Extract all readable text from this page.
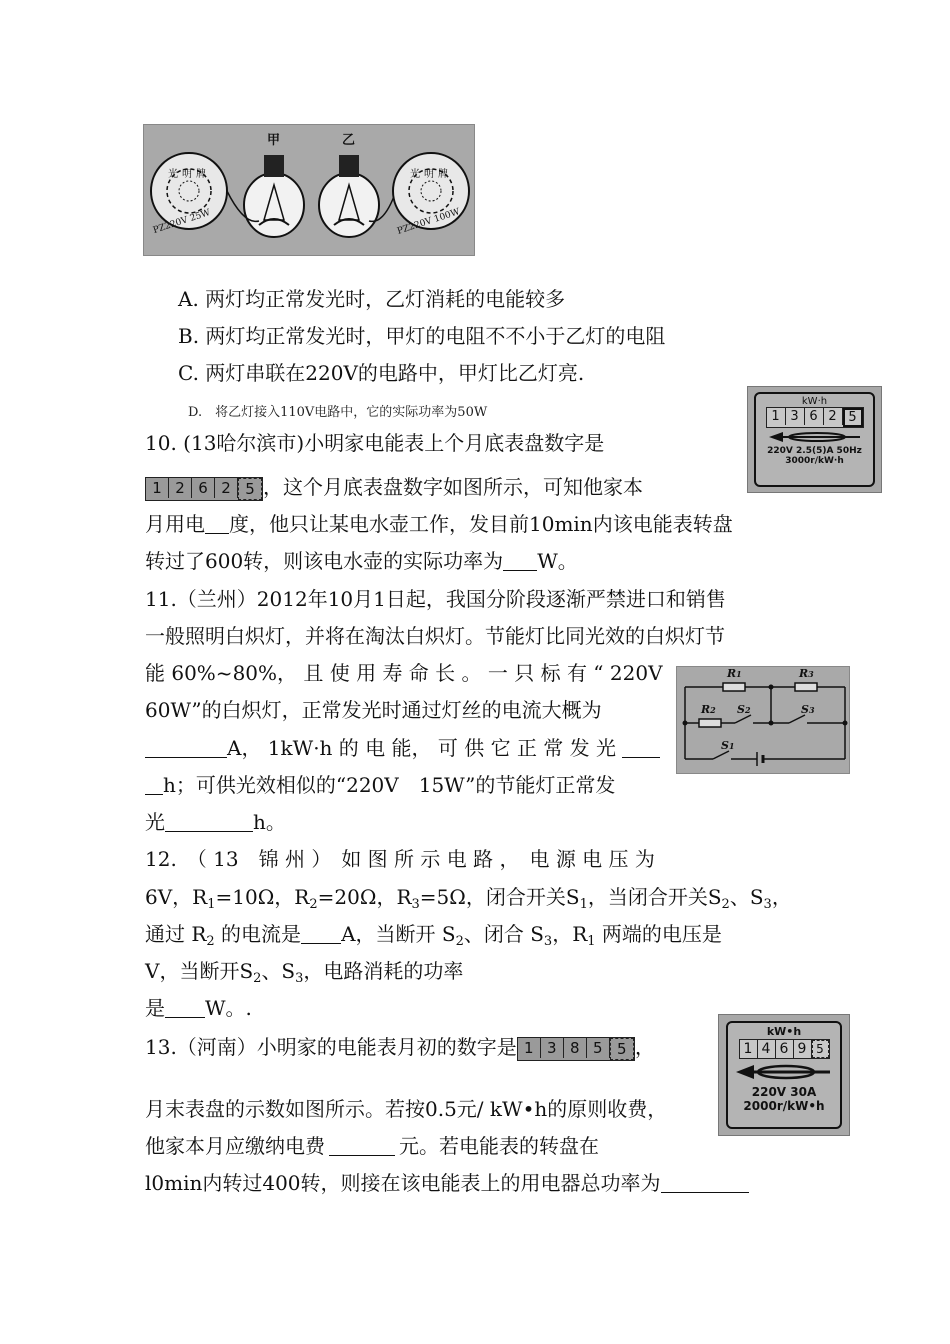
甲	乙
光明牌
PZ220V 25W
光明牌
PZ220V 100W
A. 两灯均正常发光时，乙灯消耗的电能较多
B. 两灯均正常发光时，甲灯的电阻不不小于乙灯的电阻
C. 两灯串联在220V的电路中，甲灯比乙灯亮.
D.　将乙灯接入110V电路中，它的实际功率为50W
kW·h
1 3 6 2 5
220V 2.5(5)A 50Hz
3000r/kW·h
10. (13哈尔滨市)小明家电能表上个月底表盘数字是
1 2 6 2 5 ，这个月底表盘数字如图所示，可知他家本
月用电 度，他只让某电水壶工作，发目前10min内该电能表转盘
转过了600转，则该电水壶的实际功率为 W。
11.（兰州）2012年10月1日起，我国分阶段逐渐严禁进口和销售
一般照明白炽灯，并将在淘汰白炽灯。节能灯比同光效的白炽灯节
能 60%~80%， 且 使 用 寿 命 长 。 一 只 标 有 “ 220V
60W”的白炽灯，正常发光时通过灯丝的电流大概为
A， 1kW·h 的 电 能， 可 供 它 正 常 发 光
h；可供光效相似的“220V　15W”的节能灯正常发
光	h。
R1	R3
R2 S2	S3
S1
12.　（ 13　锦 州 ）　如 图 所 示 电 路 ，　电 源 电 压 为
6V，$R_1=10\Omega$，$R_2=20\Omega$，$R_3=5\Omega$，闭合开关$S_1$，当闭合开关$S_2$、$S_3$，
通过 $R_2$ 的电流是 A，当断开 $S_2$、闭合 $S_3$，$R_1$ 两端的电压是
V，当断开$S_2$、$S_3$，电路消耗的功率
是 W。.
kW•h
1 4 6 9 5
220V 30A
2000r/kW•h
13.（河南）小明家的电能表月初的数字是 1 3 8 5 5 ，
月末表盘的示数如图所示。若按0.5元/ kW•h的原则收费，
他家本月应缴纳电费	元。若电能表的转盘在
l0min内转过400转，则接在该电能表上的用电器总功率为
